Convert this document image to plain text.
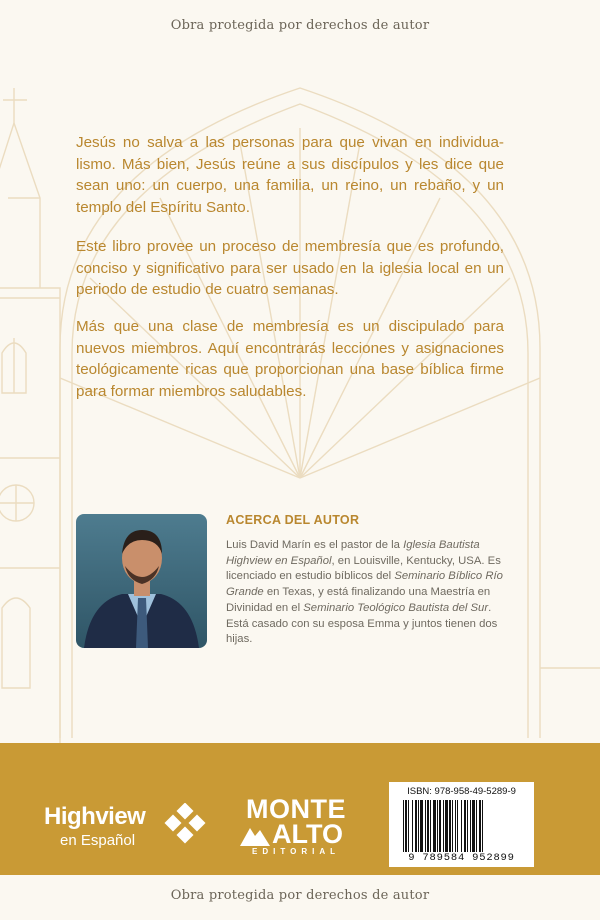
Obra protegida por derechos de autor

Jesús no salva a las personas para que vivan en individua-lismo. Más bien, Jesús reúne a sus discípulos y les dice que sean uno: un cuerpo, una familia, un reino, un rebaño, y un templo del Espíritu Santo.

Este libro provee un proceso de membresía que es profundo, conciso y significativo para ser usado en la iglesia local en un periodo de estudio de cuatro semanas.

Más que una clase de membresía es un discipulado para nuevos miembros. Aquí encontrarás lecciones y asignaciones teológicamente ricas que proporcionan una base bíblica firme para formar miembros saludables.

ACERCA DEL AUTOR

Luis David Marín es el pastor de la Iglesia Bautista Highview en Español, en Louisville, Kentucky, USA. Es licenciado en estudio bíblicos del Seminario Bíblico Río Grande en Texas, y está finalizando una Maestría en Divinidad en el Seminario Teológico Bautista del Sur. Está casado con su esposa Emma y juntos tienen dos hijas.

Highview
en Español
MONTE
ALTO
EDITORIAL
ISBN: 978-958-49-5289-9
9 789584 952899
Obra protegida por derechos de autor
